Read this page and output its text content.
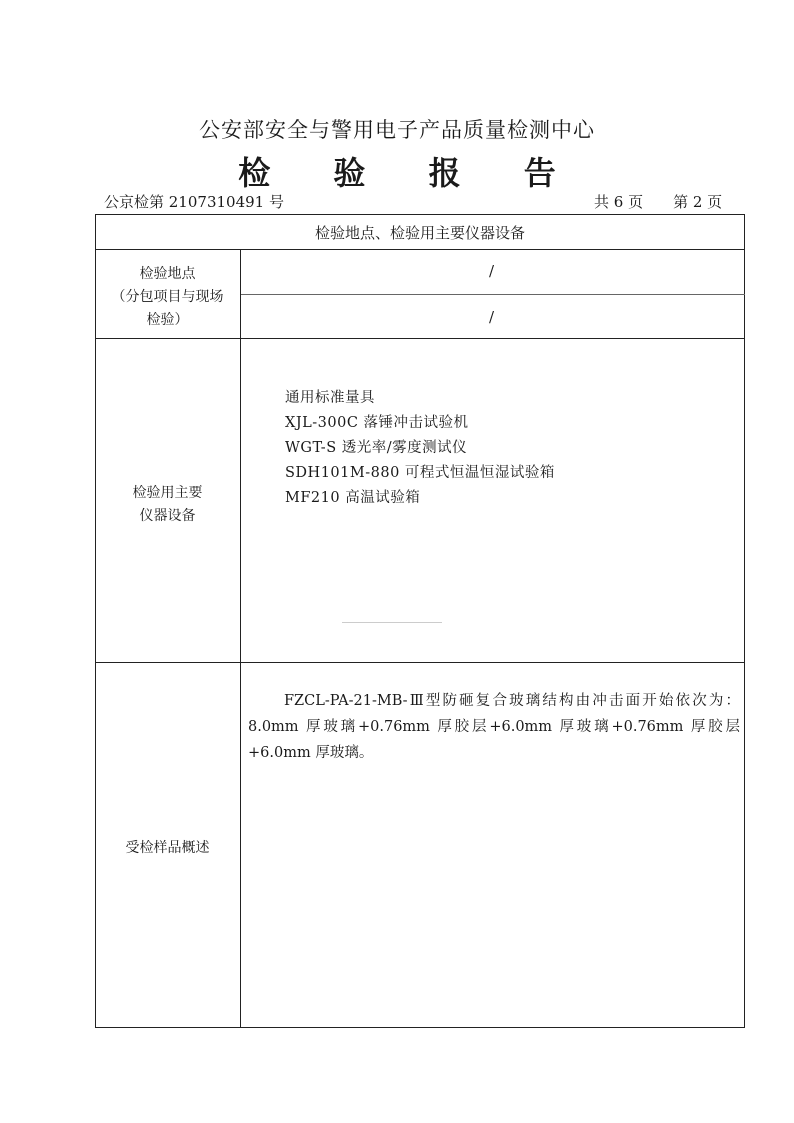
公安部安全与警用电子产品质量检测中心
检 验 报 告
公京检第 2107310491 号	共 6 页 第 2 页
检验地点、检验用主要仪器设备
检验地点
（分包项目与现场
检验）
/
/
检验用主要
仪器设备
通用标准量具
XJL-300C 落锤冲击试验机
WGT-S 透光率/雾度测试仪
SDH101M-880 可程式恒温恒湿试验箱
MF210 高温试验箱
受检样品概述
FZCL-PA-21-MB-Ⅲ型防砸复合玻璃结构由冲击面开始依次为：8.0mm 厚玻璃+0.76mm 厚胶层+6.0mm 厚玻璃+0.76mm 厚胶层+6.0mm 厚玻璃。
